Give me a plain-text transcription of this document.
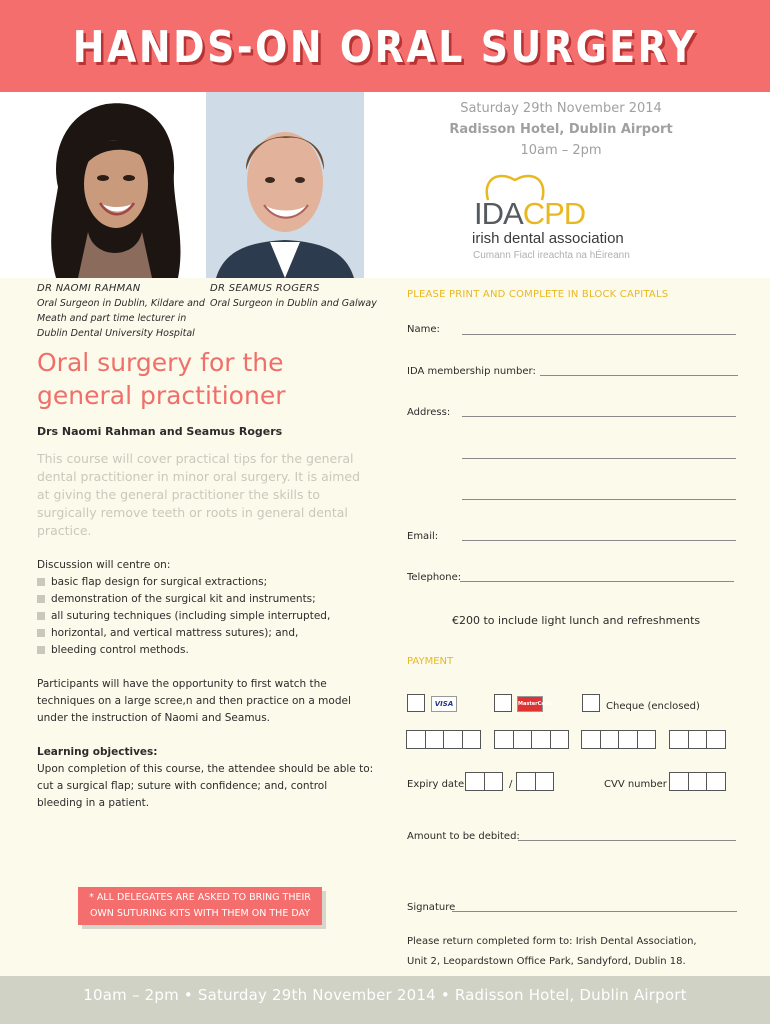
HANDS-ON ORAL SURGERY
Saturday 29th November 2014
Radisson Hotel, Dublin Airport
10am – 2pm
IDACPD
irish dental association
Cumann Fiacl ireachta na hÉireann
DR NAOMI RAHMAN
Oral Surgeon in Dublin, Kildare and
Meath and part time lecturer in
Dublin Dental University Hospital
DR SEAMUS ROGERS
Oral Surgeon in Dublin and Galway
Oral surgery for the
general practitioner
Drs Naomi Rahman and Seamus Rogers
This course will cover practical tips for the general
dental practitioner in minor oral surgery. It is aimed
at giving the general practitioner the skills to
surgically remove teeth or roots in general dental
practice.
Discussion will centre on:
basic flap design for surgical extractions;
demonstration of the surgical kit and instruments;
all suturing techniques (including simple interrupted,
horizontal, and vertical mattress sutures); and,
bleeding control methods.
Participants will have the opportunity to first watch the
techniques on a large scree,n and then practice on a model
under the instruction of Naomi and Seamus.
Learning objectives:
Upon completion of this course, the attendee should be able to:
cut a surgical flap; suture with confidence; and, control
bleeding in a patient.
* ALL DELEGATES ARE ASKED TO BRING THEIR
OWN SUTURING KITS WITH THEM ON THE DAY
PLEASE PRINT AND COMPLETE IN BLOCK CAPITALS
Name:
IDA membership number:
Address:
Email:
Telephone:
€200 to include light lunch and refreshments
PAYMENT
VISA	MasterCard	Cheque (enclosed)
Expiry date	/	CVV number
Amount to be debited:
Signature
Please return completed form to: Irish Dental Association,
Unit 2, Leopardstown Office Park, Sandyford, Dublin 18.
10am – 2pm • Saturday 29th November 2014 • Radisson Hotel, Dublin Airport
